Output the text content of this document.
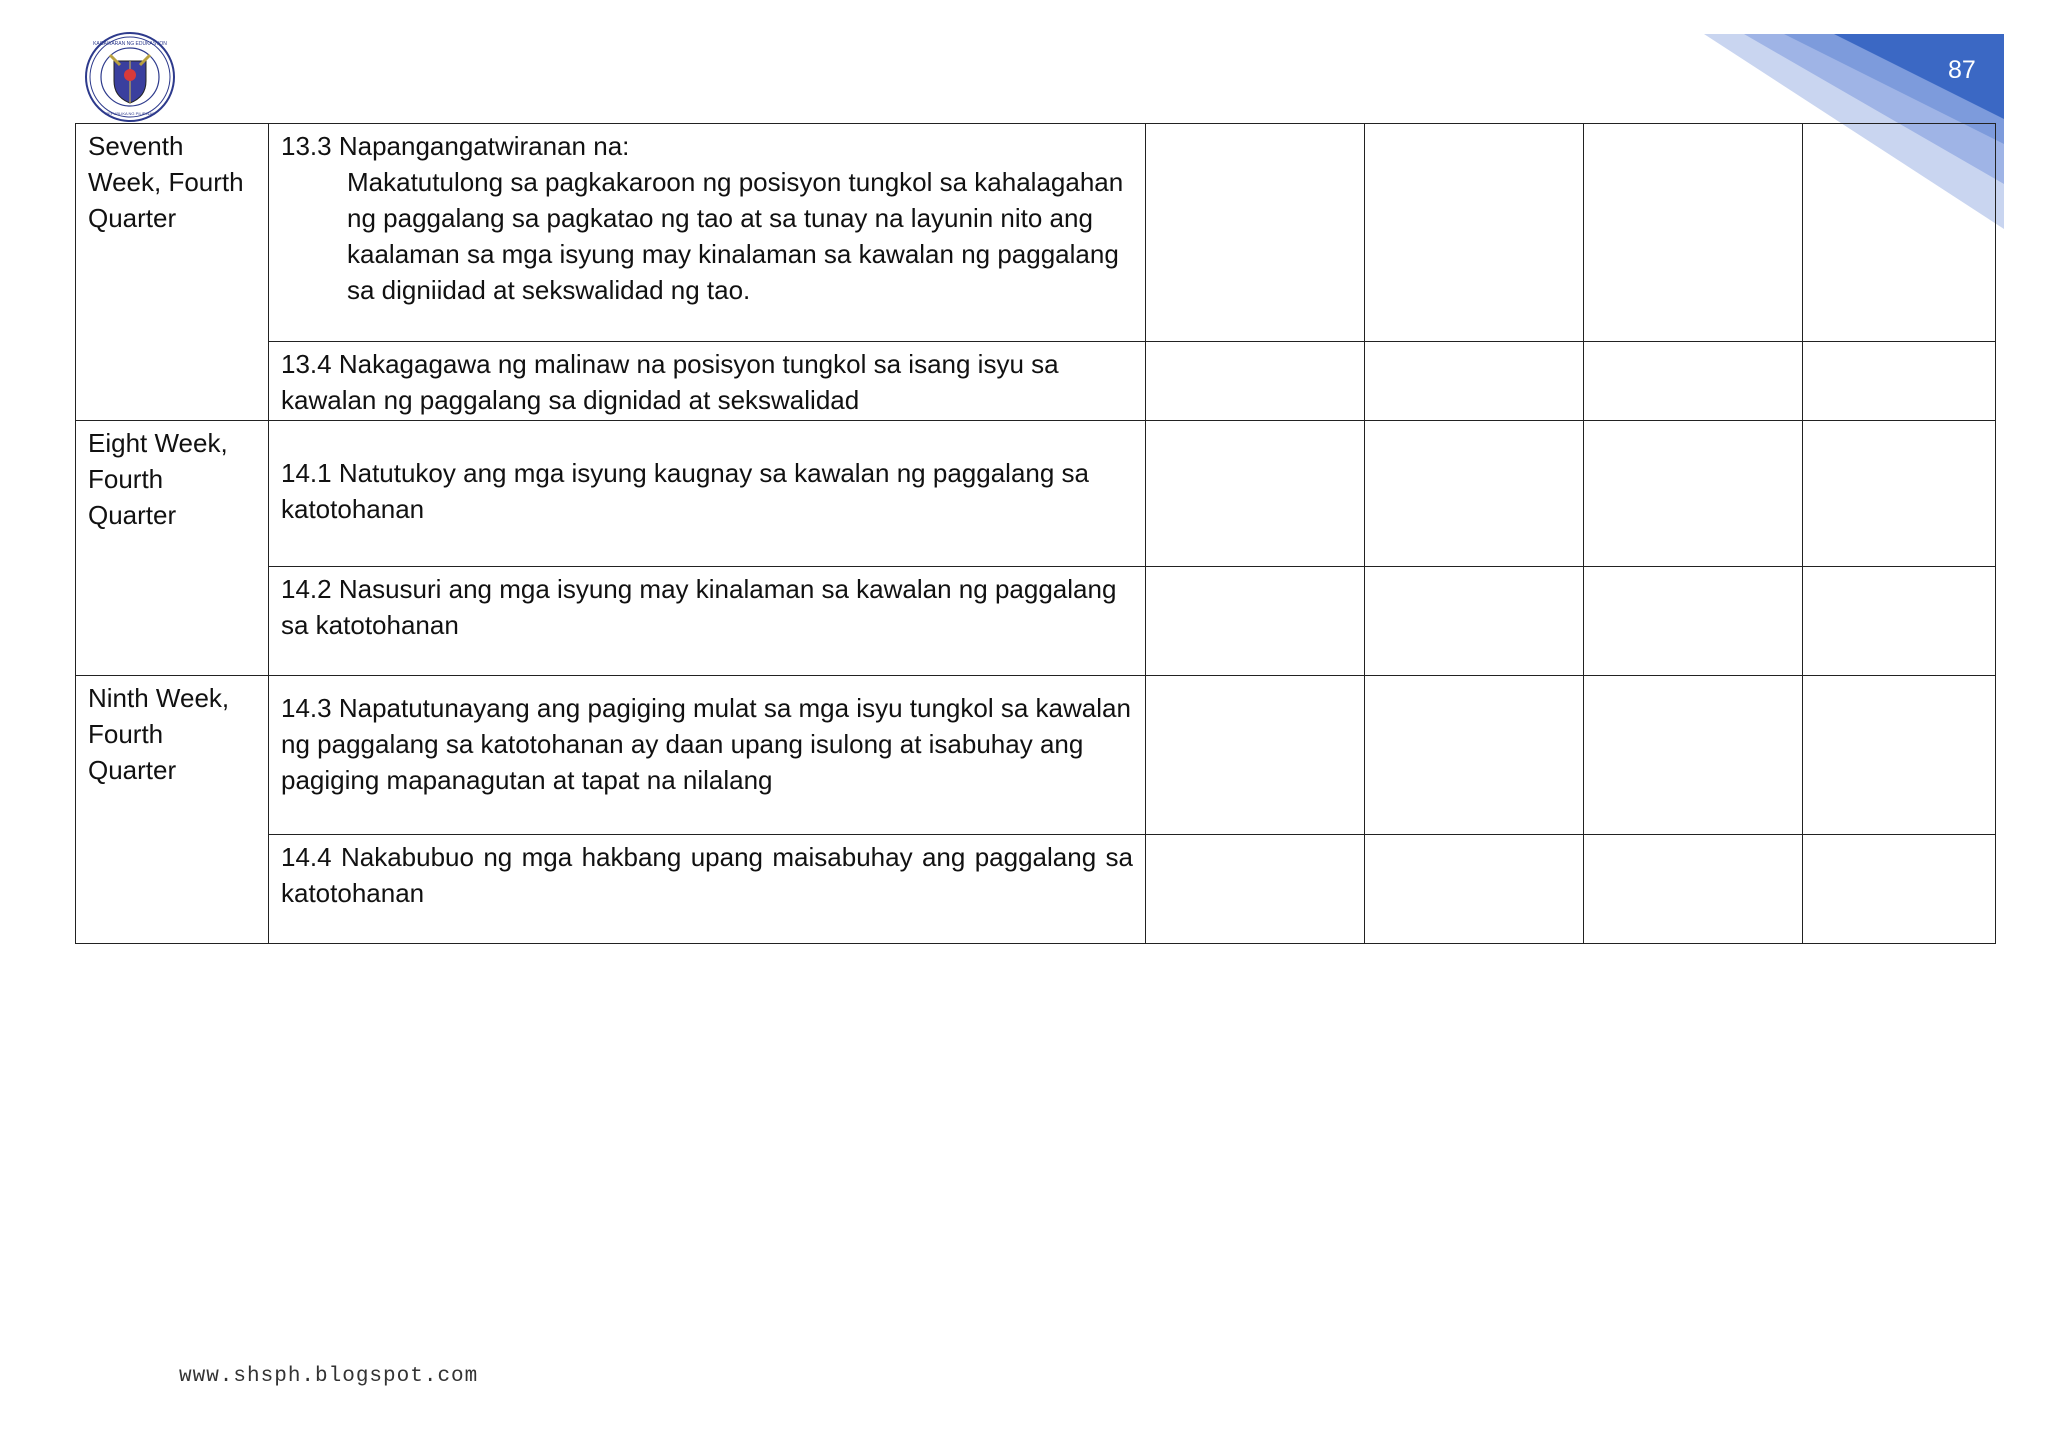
KAGAWARAN NG EDUKASYON
REPUBLIKA NG PILIPINAS
87
Seventh Week, Fourth Quarter	13.3 Napangangatwiranan na:
Makatutulong sa pagkakaroon ng posisyon tungkol sa kahalagahan ng paggalang sa pagkatao ng tao at sa tunay na layunin nito ang kaalaman sa mga isyung may kinalaman sa kawalan ng paggalang sa digniidad at sekswalidad ng tao.				

	13.4 Nakagagawa ng malinaw na posisyon tungkol sa isang isyu sa kawalan ng paggalang sa dignidad at sekswalidad				
Eight Week, Fourth Quarter	14.1 Natutukoy ang mga isyung kaugnay sa kawalan ng paggalang sa katotohanan				
	14.2 Nasusuri ang mga isyung may kinalaman sa kawalan ng paggalang sa katotohanan				
Ninth Week, Fourth Quarter	14.3 Napatutunayang ang pagiging mulat sa mga isyu tungkol sa kawalan ng paggalang sa katotohanan ay daan upang isulong at isabuhay ang pagiging mapanagutan at tapat na nilalang				
	14.4 Nakabubuo ng mga hakbang upang maisabuhay ang paggalang sa katotohanan				
www.shsph.blogspot.com
